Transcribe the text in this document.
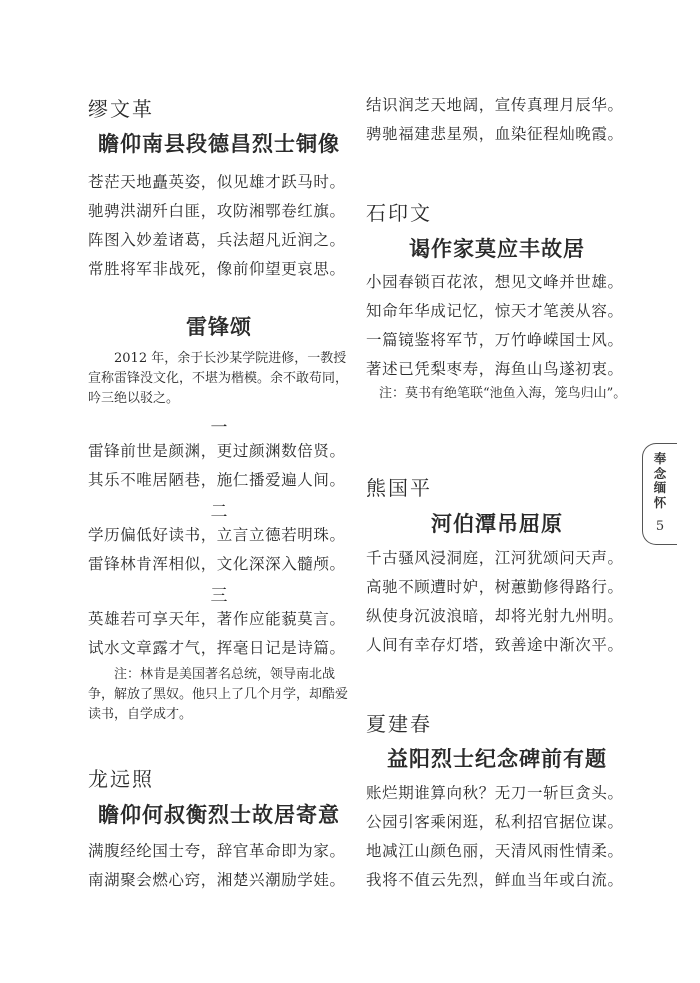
缪文革
瞻仰南县段德昌烈士铜像
苍茫天地矗英姿，似见雄才跃马时。
驰骋洪湖歼白匪，攻防湘鄂卷红旗。
阵图入妙羞诸葛，兵法超凡近润之。
常胜将军非战死，像前仰望更哀思。
雷锋颂
2012 年，余于长沙某学院进修，一教授宣称雷锋没文化，不堪为楷模。余不敢苟同，吟三绝以驳之。
一
雷锋前世是颜渊，更过颜渊数倍贤。
其乐不唯居陋巷，施仁播爱遍人间。
二
学历偏低好读书，立言立德若明珠。
雷锋林肯浑相似，文化深深入髓颅。
三
英雄若可享天年，著作应能藐莫言。
试水文章露才气，挥毫日记是诗篇。
注：林肯是美国著名总统，领导南北战争，解放了黑奴。他只上了几个月学，却酷爱读书，自学成才。
龙远照
瞻仰何叔衡烈士故居寄意
满腹经纶国士夸，辞官革命即为家。
南湖聚会燃心窍，湘楚兴潮励学娃。
结识润芝天地阔，宣传真理月辰华。
骋驰福建悲星殒，血染征程灿晚霞。
石印文
谒作家莫应丰故居
小园春锁百花浓，想见文峰并世雄。
知命年华成记忆，惊天才笔羡从容。
一篇镜鉴将军节，万竹峥嵘国士风。
著述已凭梨枣寿，海鱼山鸟遂初衷。
注：莫书有绝笔联“池鱼入海，笼鸟归山”。
熊国平
河伯潭吊屈原
千古骚风浸洞庭，江河犹颂问天声。
高驰不顾遭时妒，树蕙勤修得路行。
纵使身沉波浪暗，却将光射九州明。
人间有幸存灯塔，致善途中渐次平。
夏建春
益阳烈士纪念碑前有题
账烂期谁算向秋？无刀一斩巨贪头。
公园引客乘闲逛，私利招官据位谋。
地减江山颜色丽，天清风雨性情柔。
我将不值云先烈，鲜血当年或白流。
奉念缅怀
5
